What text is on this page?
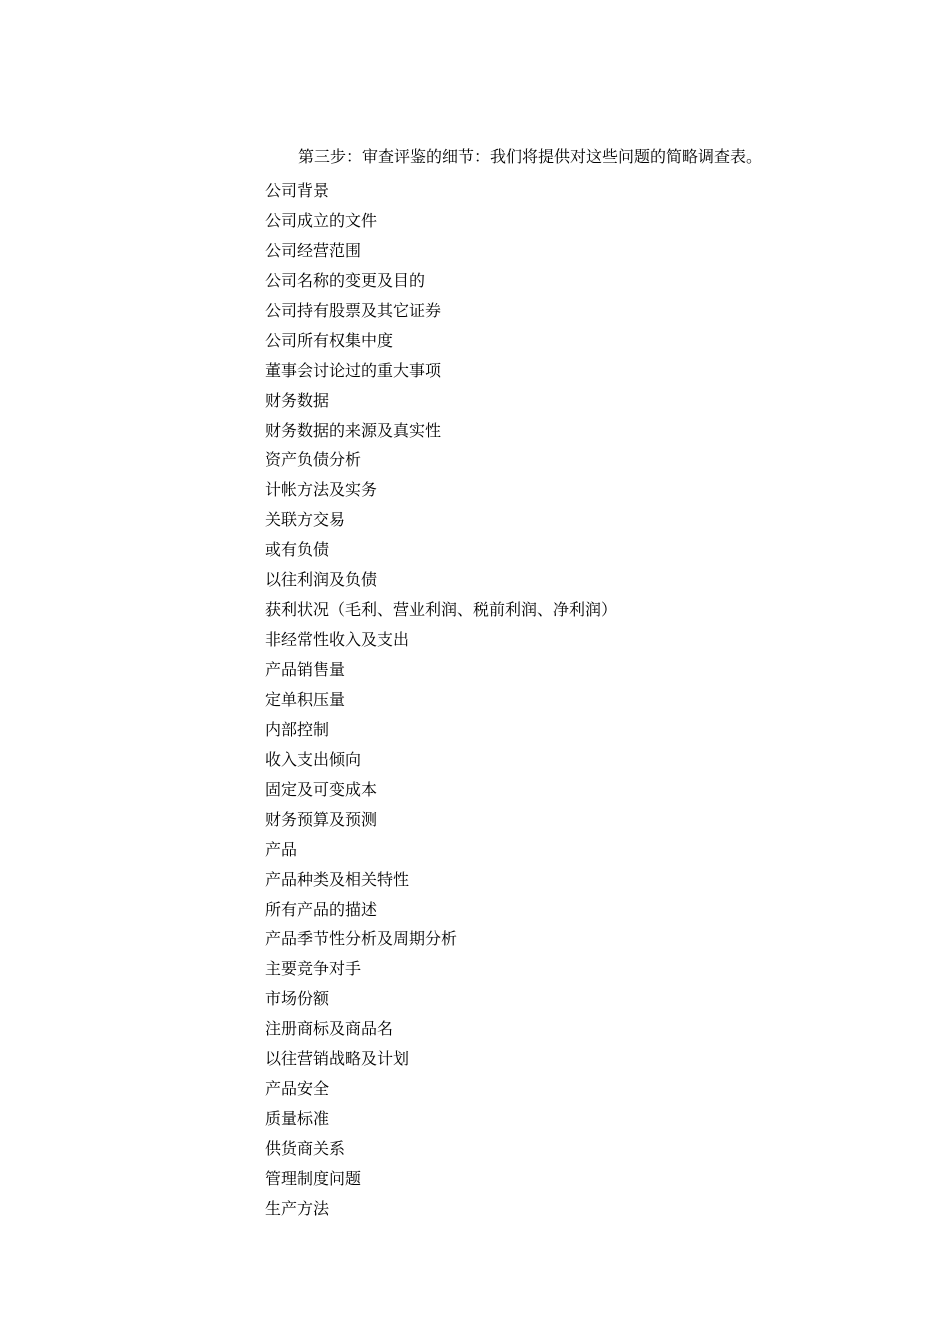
第三步：审查评鉴的细节：我们将提供对这些问题的简略调查表。

公司背景
公司成立的文件
公司经营范围
公司名称的变更及目的
公司持有股票及其它证券
公司所有权集中度
董事会讨论过的重大事项
财务数据
财务数据的来源及真实性
资产负债分析
计帐方法及实务
关联方交易
或有负债
以往利润及负债
获利状况（毛利、营业利润、税前利润、净利润）
非经常性收入及支出
产品销售量
定单积压量
内部控制
收入支出倾向
固定及可变成本
财务预算及预测
产品
产品种类及相关特性
所有产品的描述
产品季节性分析及周期分析
主要竞争对手
市场份额
注册商标及商品名
以往营销战略及计划
产品安全
质量标准
供货商关系
管理制度问题
生产方法
